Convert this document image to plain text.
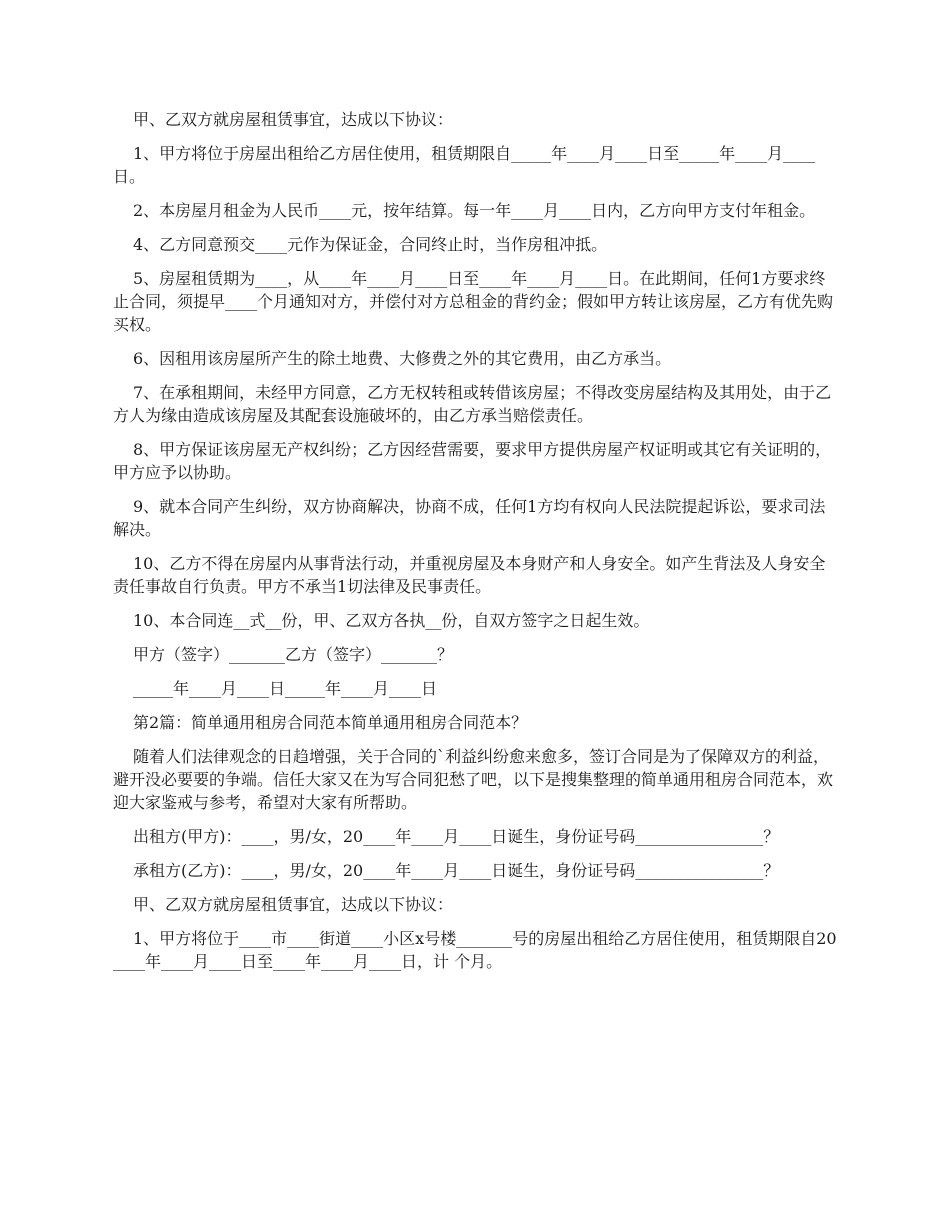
甲、乙双方就房屋租赁事宜，达成以下协议：

1、甲方将位于房屋出租给乙方居住使用，租赁期限自_____年____月____日至_____年____月____日。

2、本房屋月租金为人民币____元，按年结算。每一年____月____日内，乙方向甲方支付年租金。

4、乙方同意预交____元作为保证金，合同终止时，当作房租冲抵。

5、房屋租赁期为____，从____年____月____日至____年____月____日。在此期间，任何1方要求终止合同，须提早____个月通知对方，并偿付对方总租金的背约金；假如甲方转让该房屋，乙方有优先购买权。

6、因租用该房屋所产生的除土地费、大修费之外的其它费用，由乙方承当。

7、在承租期间，未经甲方同意，乙方无权转租或转借该房屋；不得改变房屋结构及其用处，由于乙方人为缘由造成该房屋及其配套设施破坏的，由乙方承当赔偿责任。

8、甲方保证该房屋无产权纠纷；乙方因经营需要，要求甲方提供房屋产权证明或其它有关证明的，甲方应予以协助。

9、就本合同产生纠纷，双方协商解决，协商不成，任何1方均有权向人民法院提起诉讼，要求司法解决。

10、乙方不得在房屋内从事背法行动，并重视房屋及本身财产和人身安全。如产生背法及人身安全责任事故自行负责。甲方不承当1切法律及民事责任。

10、本合同连__式__份，甲、乙双方各执__份，自双方签字之日起生效。

甲方（签字）_______乙方（签字）_______？

_____年____月____日_____年____月____日

第2篇：简单通用租房合同范本简单通用租房合同范本？

随着人们法律观念的日趋增强，关于合同的`利益纠纷愈来愈多，签订合同是为了保障双方的利益，避开没必要要的争端。信任大家又在为写合同犯愁了吧，以下是搜集整理的简单通用租房合同范本，欢迎大家鉴戒与参考，希望对大家有所帮助。

出租方(甲方)：____，男/女，20____年____月____日诞生，身份证号码________________？

承租方(乙方)：____，男/女，20____年____月____日诞生，身份证号码________________？

甲、乙双方就房屋租赁事宜，达成以下协议：

1、甲方将位于____市____街道____小区x号楼_______号的房屋出租给乙方居住使用，租赁期限自20____年____月____日至____年____月____日，计 个月。
